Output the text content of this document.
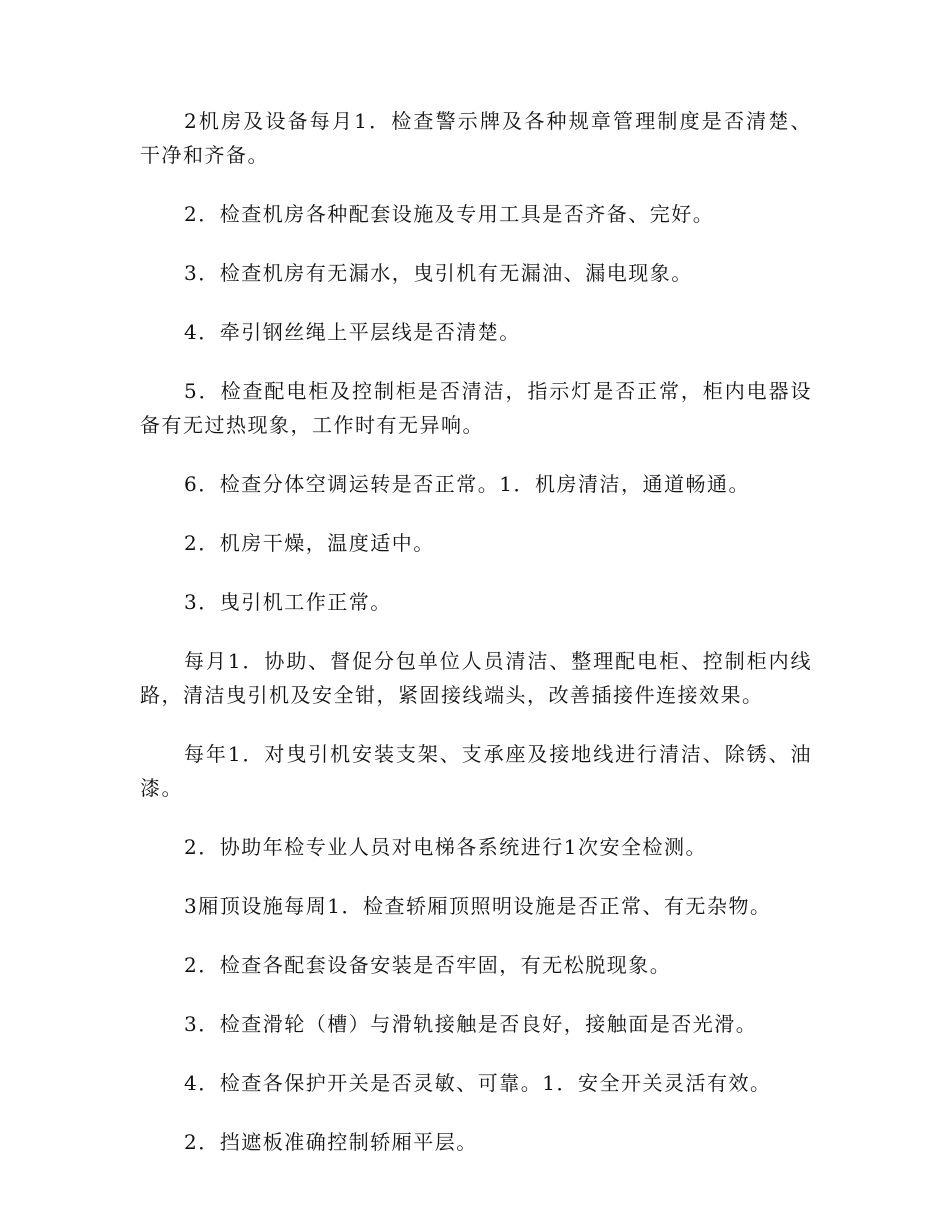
2机房及设备每月1．检查警示牌及各种规章管理制度是否清楚、干净和齐备。

2．检查机房各种配套设施及专用工具是否齐备、完好。

3．检查机房有无漏水，曳引机有无漏油、漏电现象。

4．牵引钢丝绳上平层线是否清楚。

5．检查配电柜及控制柜是否清洁，指示灯是否正常，柜内电器设备有无过热现象，工作时有无异响。

6．检查分体空调运转是否正常。1．机房清洁，通道畅通。

2．机房干燥，温度适中。

3．曳引机工作正常。

每月1．协助、督促分包单位人员清洁、整理配电柜、控制柜内线路，清洁曳引机及安全钳，紧固接线端头，改善插接件连接效果。

每年1．对曳引机安装支架、支承座及接地线进行清洁、除锈、油漆。

2．协助年检专业人员对电梯各系统进行1次安全检测。

3厢顶设施每周1．检查轿厢顶照明设施是否正常、有无杂物。

2．检查各配套设备安装是否牢固，有无松脱现象。

3．检查滑轮（槽）与滑轨接触是否良好，接触面是否光滑。

4．检查各保护开关是否灵敏、可靠。1．安全开关灵活有效。

2．挡遮板准确控制轿厢平层。
